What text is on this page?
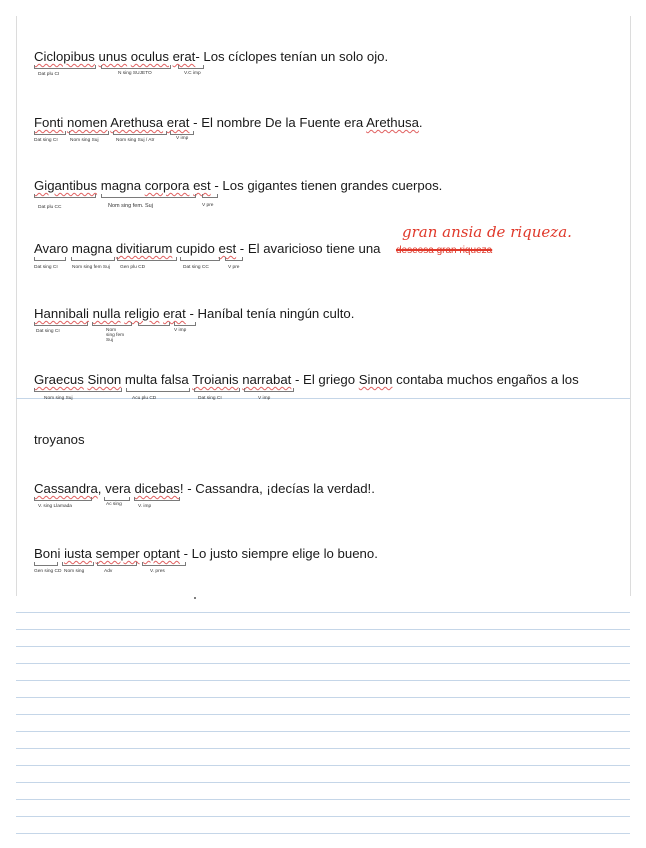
Ciclopibus unus oculus erat- Los cíclopes tenían un solo ojo.
Dat plu CI	N sing SUJETO	V.C imp
Fonti nomen Arethusa erat - El nombre De la Fuente era Arethusa.
Dat sing CI	Nom sing Suj	Nom sing Suj / Atr	V imp
Gigantibus magna corpora est - Los gigantes tienen grandes cuerpos.
Dat plu CC	Nom sing fem. Suj	V pre
gran ansia de riqueza.
Avaro magna divitiarum cupido est - El avaricioso tiene una deseosa gran riqueza
Dat sing CI	Nom sing fem Suj Gen plu CD	Dat sing CC	V pre
Hannibali nulla religio erat - Haníbal tenía ningún culto.
Dat sing CI	Nom sing fem Suj
V imp
Graecus Sinon multa falsa Troianis narrabat - El griego Sinon contaba muchos engaños a los
Nom sing Suj	Acu plu CD	Dat sing CI	V imp
troyanos
Cassandra, vera dicebas! - Cassandra, ¡decías la verdad!.
V. sing Llamada	Ac sing	V. imp
Boni iusta semper optant - Lo justo siempre elige lo bueno.
Gen sing CD Nom sing	Adv	V. pres
